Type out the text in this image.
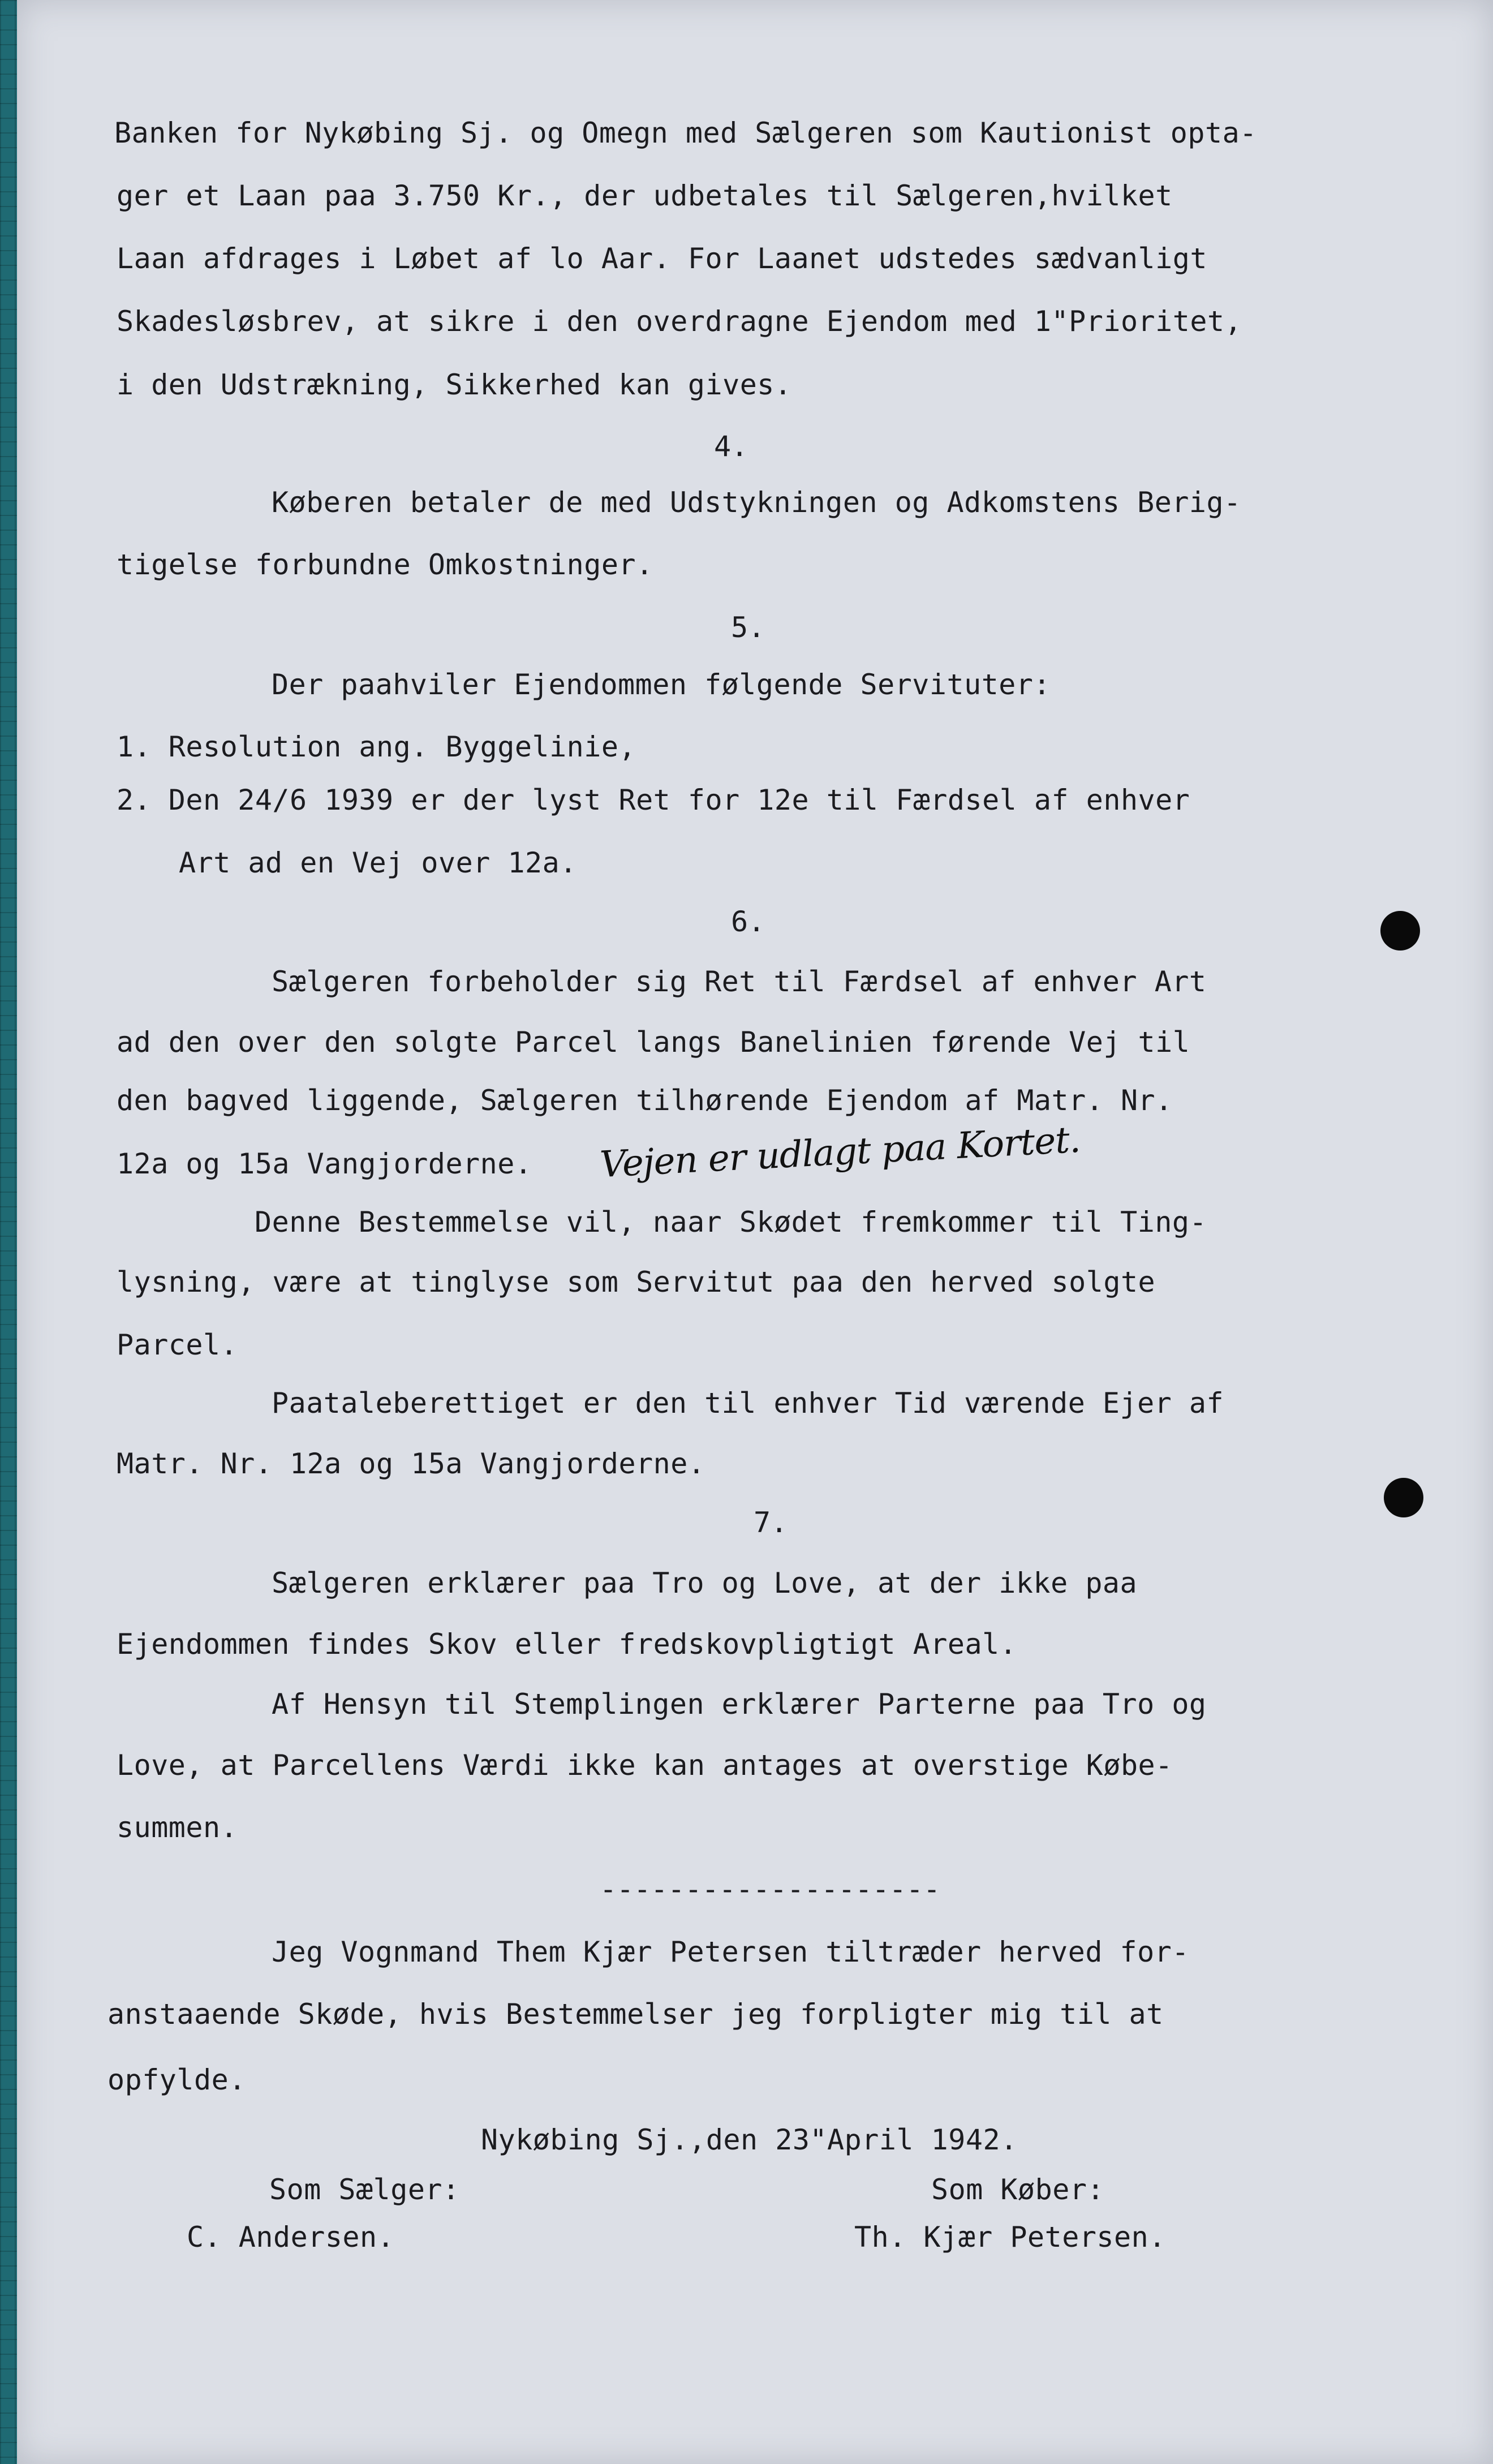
Banken for Nykøbing Sj. og Omegn med Sælgeren som Kautionist opta-
ger et Laan paa 3.750 Kr., der udbetales til Sælgeren,hvilket
Laan afdrages i Løbet af lo Aar. For Laanet udstedes sædvanligt
Skadesløsbrev, at sikre i den overdragne Ejendom med 1"Prioritet,
i den Udstrækning, Sikkerhed kan gives.
4.
Køberen betaler de med Udstykningen og Adkomstens Berig-
tigelse forbundne Omkostninger.
5.
Der paahviler Ejendommen følgende Servituter:
1. Resolution ang. Byggelinie,
2. Den 24/6 1939 er der lyst Ret for 12e til Færdsel af enhver
Art ad en Vej over 12a.
6.
Sælgeren forbeholder sig Ret til Færdsel af enhver Art
ad den over den solgte Parcel langs Banelinien førende Vej til
den bagved liggende, Sælgeren tilhørende Ejendom af Matr. Nr.
12a og 15a Vangjorderne. Vejen er udlagt paa Kortet.
Denne Bestemmelse vil, naar Skødet fremkommer til Ting-
lysning, være at tinglyse som Servitut paa den herved solgte
Parcel.
Paataleberettiget er den til enhver Tid værende Ejer af
Matr. Nr. 12a og 15a Vangjorderne.
7.
Sælgeren erklærer paa Tro og Love, at der ikke paa
Ejendommen findes Skov eller fredskovpligtigt Areal.
Af Hensyn til Stemplingen erklærer Parterne paa Tro og
Love, at Parcellens Værdi ikke kan antages at overstige Købe-
summen.
--------------------
Jeg Vognmand Them Kjær Petersen tiltræder herved for-
anstaaende Skøde, hvis Bestemmelser jeg forpligter mig til at
opfylde.
Nykøbing Sj.,den 23"April 1942.
Som Sælger:	Som Køber:
C. Andersen.	Th. Kjær Petersen.
